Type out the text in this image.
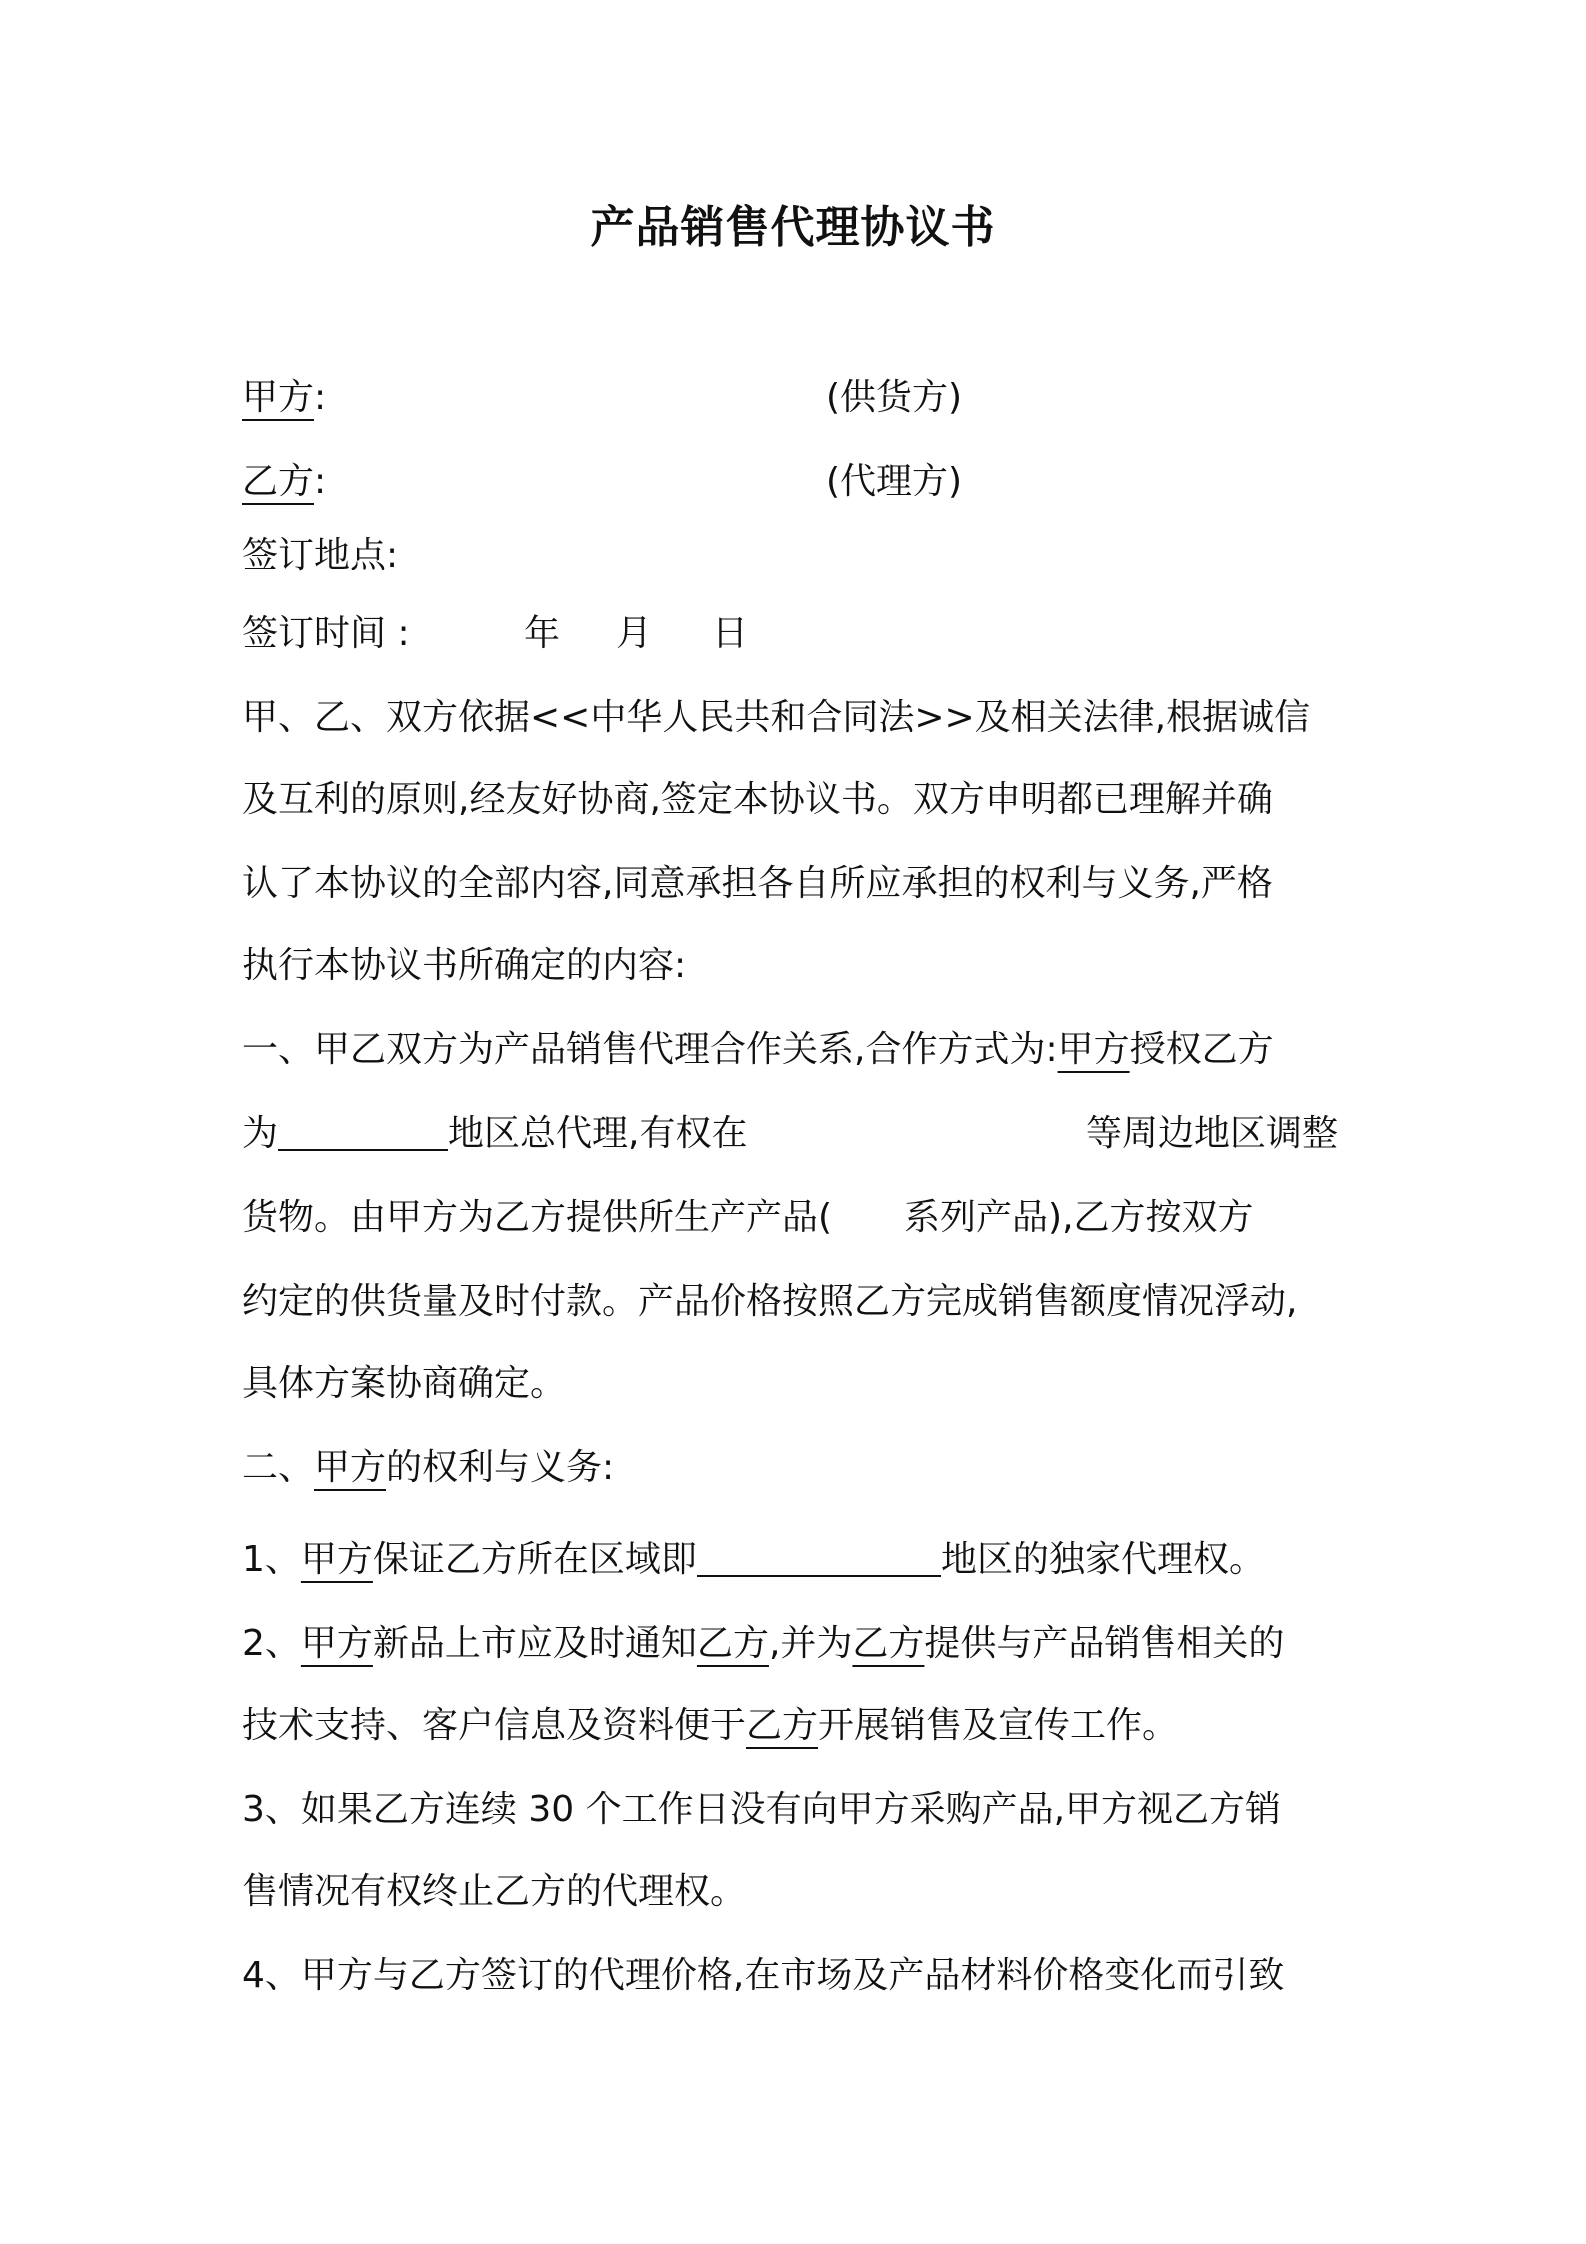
产品销售代理协议书
甲方:	(供货方)
乙方:	(代理方)
签订地点:
签订时间 :	年 月 日
甲、乙、双方依据<<中华人民共和合同法>>及相关法律,根据诚信
及互利的原则,经友好协商,签定本协议书。双方申明都已理解并确
认了本协议的全部内容,同意承担各自所应承担的权利与义务,严格
执行本协议书所确定的内容:
一、甲乙双方为产品销售代理合作关系,合作方式为:甲方授权乙方
为	地区总代理,有权在	等周边地区调整
货物。由甲方为乙方提供所生产产品( 系列产品),乙方按双方
约定的供货量及时付款。产品价格按照乙方完成销售额度情况浮动,
具体方案协商确定。
二、甲方的权利与义务:
1、甲方保证乙方所在区域即	地区的独家代理权。
2、甲方新品上市应及时通知乙方,并为乙方提供与产品销售相关的
技术支持、客户信息及资料便于乙方开展销售及宣传工作。
3、如果乙方连续 30 个工作日没有向甲方采购产品,甲方视乙方销
售情况有权终止乙方的代理权。
4、甲方与乙方签订的代理价格,在市场及产品材料价格变化而引致
